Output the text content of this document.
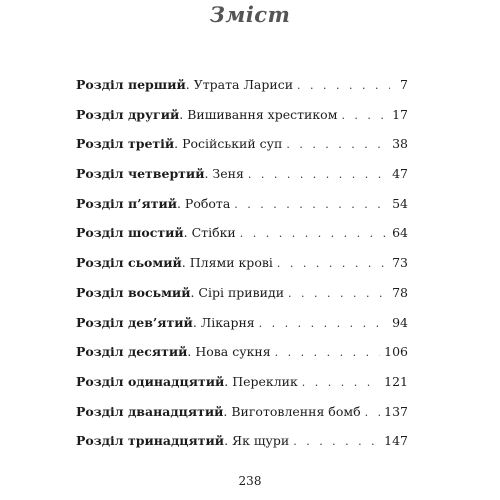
Зміст
Розділ перший. Утрата Лариси . . .	7
Розділ другий. Вишивання хрестиком . . .	17
Розділ третій. Російський суп . . .	38
Розділ четвертий. Зеня . . .	47
Розділ п’ятий. Робота . . .	54
Розділ шостий. Стібки . . .	64
Розділ сьомий. Плями крові . . .	73
Розділ восьмий. Сірі привиди . . .	78
Розділ дев’ятий. Лікарня . . .	94
Розділ десятий. Нова сукня . . .	106
Розділ одинадцятий. Переклик . . .	121
Розділ дванадцятий. Виготовлення бомб . . . 137
Розділ тринадцятий. Як щури . . .	147
238
